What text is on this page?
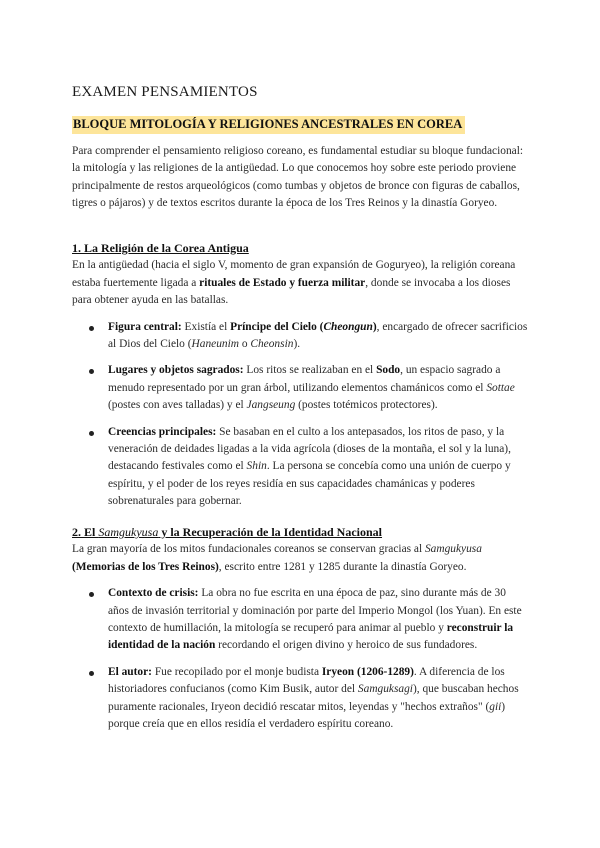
EXAMEN PENSAMIENTOS
BLOQUE MITOLOGÍA Y RELIGIONES ANCESTRALES EN COREA
Para comprender el pensamiento religioso coreano, es fundamental estudiar su bloque fundacional: la mitología y las religiones de la antigüedad. Lo que conocemos hoy sobre este periodo proviene principalmente de restos arqueológicos (como tumbas y objetos de bronce con figuras de caballos, tigres o pájaros) y de textos escritos durante la época de los Tres Reinos y la dinastía Goryeo.
1. La Religión de la Corea Antigua

En la antigüedad (hacia el siglo V, momento de gran expansión de Goguryeo), la religión coreana estaba fuertemente ligada a rituales de Estado y fuerza militar, donde se invocaba a los dioses para obtener ayuda en las batallas.

Figura central: Existía el Príncipe del Cielo (Cheongun), encargado de ofrecer sacrificios al Dios del Cielo (Haneunim o Cheonsin).
Lugares y objetos sagrados: Los ritos se realizaban en el Sodo, un espacio sagrado a menudo representado por un gran árbol, utilizando elementos chamánicos como el Sottae (postes con aves talladas) y el Jangseung (postes totémicos protectores).
Creencias principales: Se basaban en el culto a los antepasados, los ritos de paso, y la veneración de deidades ligadas a la vida agrícola (dioses de la montaña, el sol y la luna), destacando festivales como el Shin. La persona se concebía como una unión de cuerpo y espíritu, y el poder de los reyes residía en sus capacidades chamánicas y poderes sobrenaturales para gobernar.
2. El Samgukyusa y la Recuperación de la Identidad Nacional

La gran mayoría de los mitos fundacionales coreanos se conservan gracias al Samgukyusa (Memorias de los Tres Reinos), escrito entre 1281 y 1285 durante la dinastía Goryeo.

Contexto de crisis: La obra no fue escrita en una época de paz, sino durante más de 30 años de invasión territorial y dominación por parte del Imperio Mongol (los Yuan). En este contexto de humillación, la mitología se recuperó para animar al pueblo y reconstruir la identidad de la nación recordando el origen divino y heroico de sus fundadores.
El autor: Fue recopilado por el monje budista Iryeon (1206-1289). A diferencia de los historiadores confucianos (como Kim Busik, autor del Samguksagi), que buscaban hechos puramente racionales, Iryeon decidió rescatar mitos, leyendas y "hechos extraños" (gii) porque creía que en ellos residía el verdadero espíritu coreano.
